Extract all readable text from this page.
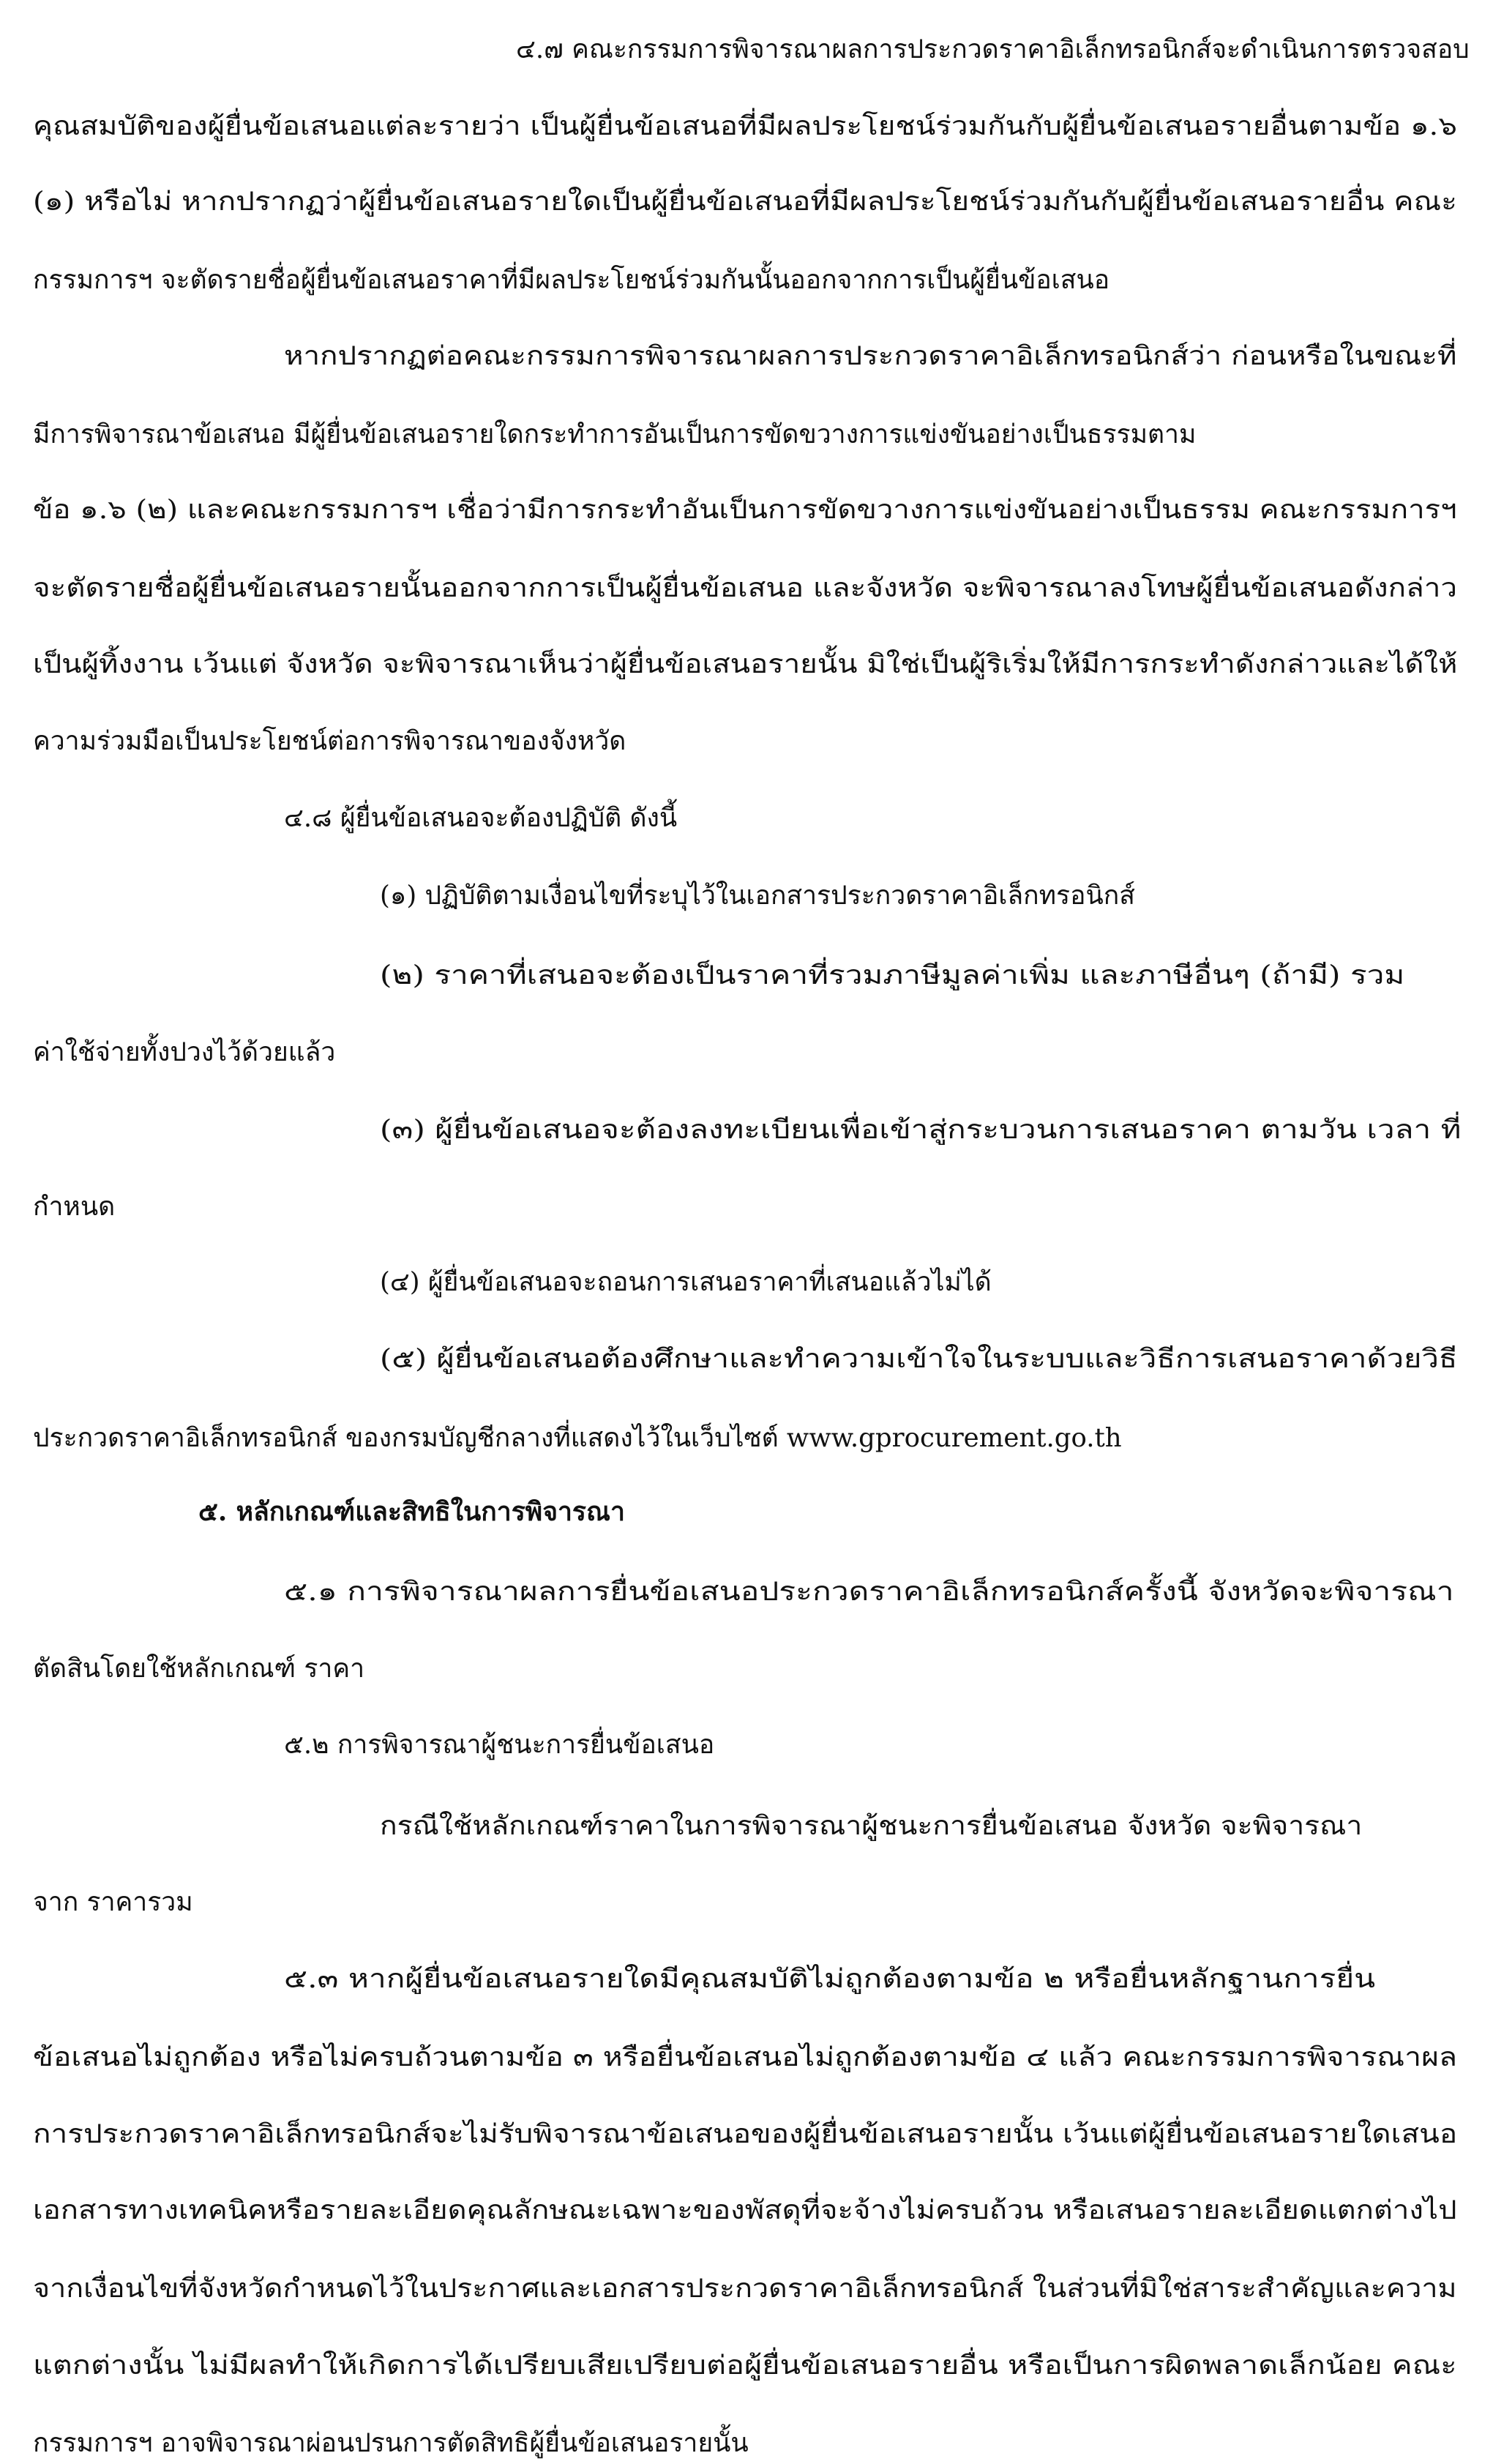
๔.๗ คณะกรรมการพิจารณาผลการประกวดราคาอิเล็กทรอนิกส์จะดำเนินการตรวจสอบ
คุณสมบัติของผู้ยื่นข้อเสนอแต่ละรายว่า เป็นผู้ยื่นข้อเสนอที่มีผลประโยชน์ร่วมกันกับผู้ยื่นข้อเสนอรายอื่นตามข้อ ๑.๖
(๑) หรือไม่ หากปรากฏว่าผู้ยื่นข้อเสนอรายใดเป็นผู้ยื่นข้อเสนอที่มีผลประโยชน์ร่วมกันกับผู้ยื่นข้อเสนอรายอื่น คณะ
กรรมการฯ จะตัดรายชื่อผู้ยื่นข้อเสนอราคาที่มีผลประโยชน์ร่วมกันนั้นออกจากการเป็นผู้ยื่นข้อเสนอ
หากปรากฏต่อคณะกรรมการพิจารณาผลการประกวดราคาอิเล็กทรอนิกส์ว่า ก่อนหรือในขณะที่
มีการพิจารณาข้อเสนอ มีผู้ยื่นข้อเสนอรายใดกระทำการอันเป็นการขัดขวางการแข่งขันอย่างเป็นธรรมตาม
ข้อ ๑.๖ (๒) และคณะกรรมการฯ เชื่อว่ามีการกระทำอันเป็นการขัดขวางการแข่งขันอย่างเป็นธรรม คณะกรรมการฯ
จะตัดรายชื่อผู้ยื่นข้อเสนอรายนั้นออกจากการเป็นผู้ยื่นข้อเสนอ และจังหวัด จะพิจารณาลงโทษผู้ยื่นข้อเสนอดังกล่าว
เป็นผู้ทิ้งงาน เว้นแต่ จังหวัด จะพิจารณาเห็นว่าผู้ยื่นข้อเสนอรายนั้น มิใช่เป็นผู้ริเริ่มให้มีการกระทำดังกล่าวและได้ให้
ความร่วมมือเป็นประโยชน์ต่อการพิจารณาของจังหวัด
๔.๘ ผู้ยื่นข้อเสนอจะต้องปฏิบัติ ดังนี้
(๑) ปฏิบัติตามเงื่อนไขที่ระบุไว้ในเอกสารประกวดราคาอิเล็กทรอนิกส์
(๒) ราคาที่เสนอจะต้องเป็นราคาที่รวมภาษีมูลค่าเพิ่ม และภาษีอื่นๆ (ถ้ามี) รวม
ค่าใช้จ่ายทั้งปวงไว้ด้วยแล้ว
(๓) ผู้ยื่นข้อเสนอจะต้องลงทะเบียนเพื่อเข้าสู่กระบวนการเสนอราคา ตามวัน เวลา ที่
กำหนด
(๔) ผู้ยื่นข้อเสนอจะถอนการเสนอราคาที่เสนอแล้วไม่ได้
(๕) ผู้ยื่นข้อเสนอต้องศึกษาและทำความเข้าใจในระบบและวิธีการเสนอราคาด้วยวิธี
ประกวดราคาอิเล็กทรอนิกส์ ของกรมบัญชีกลางที่แสดงไว้ในเว็บไซต์ www.gprocurement.go.th
๕. หลักเกณฑ์และสิทธิในการพิจารณา
๕.๑ การพิจารณาผลการยื่นข้อเสนอประกวดราคาอิเล็กทรอนิกส์ครั้งนี้ จังหวัดจะพิจารณา
ตัดสินโดยใช้หลักเกณฑ์ ราคา
๕.๒ การพิจารณาผู้ชนะการยื่นข้อเสนอ
กรณีใช้หลักเกณฑ์ราคาในการพิจารณาผู้ชนะการยื่นข้อเสนอ จังหวัด จะพิจารณา
จาก ราคารวม
๕.๓ หากผู้ยื่นข้อเสนอรายใดมีคุณสมบัติไม่ถูกต้องตามข้อ ๒ หรือยื่นหลักฐานการยื่น
ข้อเสนอไม่ถูกต้อง หรือไม่ครบถ้วนตามข้อ ๓ หรือยื่นข้อเสนอไม่ถูกต้องตามข้อ ๔ แล้ว คณะกรรมการพิจารณาผล
การประกวดราคาอิเล็กทรอนิกส์จะไม่รับพิจารณาข้อเสนอของผู้ยื่นข้อเสนอรายนั้น เว้นแต่ผู้ยื่นข้อเสนอรายใดเสนอ
เอกสารทางเทคนิคหรือรายละเอียดคุณลักษณะเฉพาะของพัสดุที่จะจ้างไม่ครบถ้วน หรือเสนอรายละเอียดแตกต่างไป
จากเงื่อนไขที่จังหวัดกำหนดไว้ในประกาศและเอกสารประกวดราคาอิเล็กทรอนิกส์ ในส่วนที่มิใช่สาระสำคัญและความ
แตกต่างนั้น ไม่มีผลทำให้เกิดการได้เปรียบเสียเปรียบต่อผู้ยื่นข้อเสนอรายอื่น หรือเป็นการผิดพลาดเล็กน้อย คณะ
กรรมการฯ อาจพิจารณาผ่อนปรนการตัดสิทธิผู้ยื่นข้อเสนอรายนั้น
